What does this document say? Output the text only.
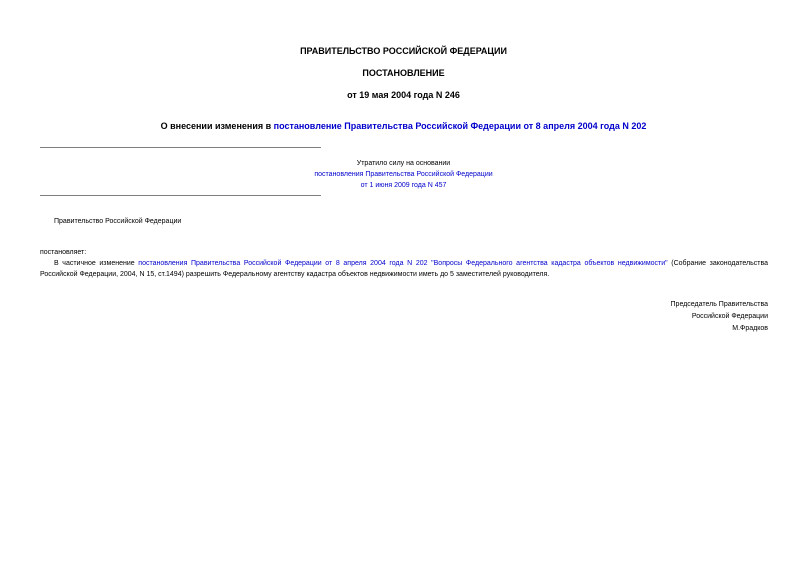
ПРАВИТЕЛЬСТВО РОССИЙСКОЙ ФЕДЕРАЦИИ
ПОСТАНОВЛЕНИЕ
от 19 мая 2004 года N 246
О внесении изменения в постановление Правительства Российской Федерации от 8 апреля 2004 года N 202
Утратило силу на основании
постановления Правительства Российской Федерации
от 1 июня 2009 года N 457
Правительство Российской Федерации
постановляет:
В частичное изменение постановления Правительства Российской Федерации от 8 апреля 2004 года N 202 "Вопросы Федерального агентства кадастра объектов недвижимости" (Собрание законодательства Российской Федерации, 2004, N 15, ст.1494) разрешить Федеральному агентству кадастра объектов недвижимости иметь до 5 заместителей руководителя.
Председатель Правительства
Российской Федерации
М.Фрадков
